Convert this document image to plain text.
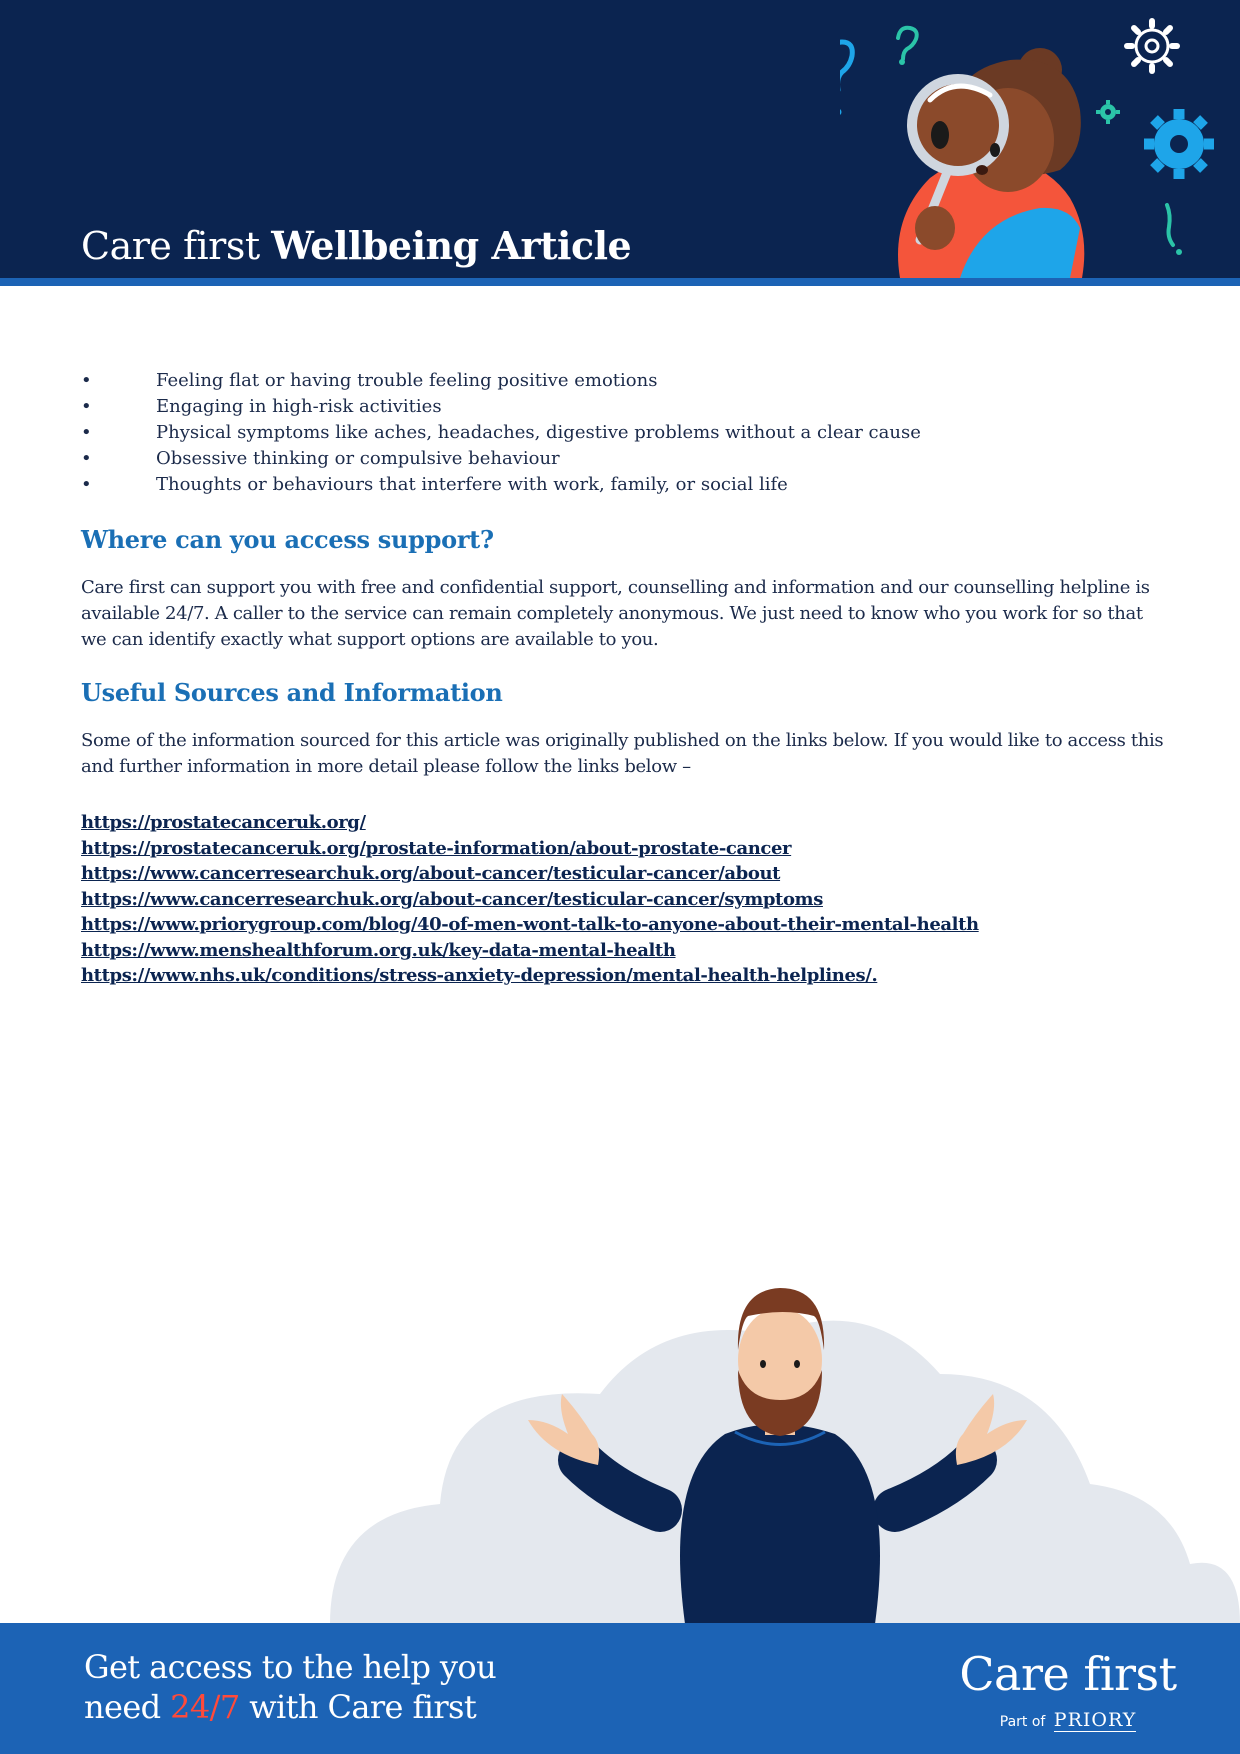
Care first Wellbeing Article
•	Feeling flat or having trouble feeling positive emotions
•	Engaging in high-risk activities
•	Physical symptoms like aches, headaches, digestive problems without a clear cause
•	Obsessive thinking or compulsive behaviour
•	Thoughts or behaviours that interfere with work, family, or social life
Where can you access support?

Care first can support you with free and confidential support, counselling and information and our counselling helpline is available 24/7. A caller to the service can remain completely anonymous. We just need to know who you work for so that we can identify exactly what support options are available to you.

Useful Sources and Information

Some of the information sourced for this article was originally published on the links below. If you would like to access this and further information in more detail please follow the links below –

https://prostatecanceruk.org/
https://prostatecanceruk.org/prostate-information/about-prostate-cancer
https://www.cancerresearchuk.org/about-cancer/testicular-cancer/about
https://www.cancerresearchuk.org/about-cancer/testicular-cancer/symptoms
https://www.priorygroup.com/blog/40-of-men-wont-talk-to-anyone-about-their-mental-health
https://www.menshealthforum.org.uk/key-data-mental-health
https://www.nhs.uk/conditions/stress-anxiety-depression/mental-health-helplines/.
Get access to the help you
need 24/7 with Care first
Care first
Part of PRIORY
